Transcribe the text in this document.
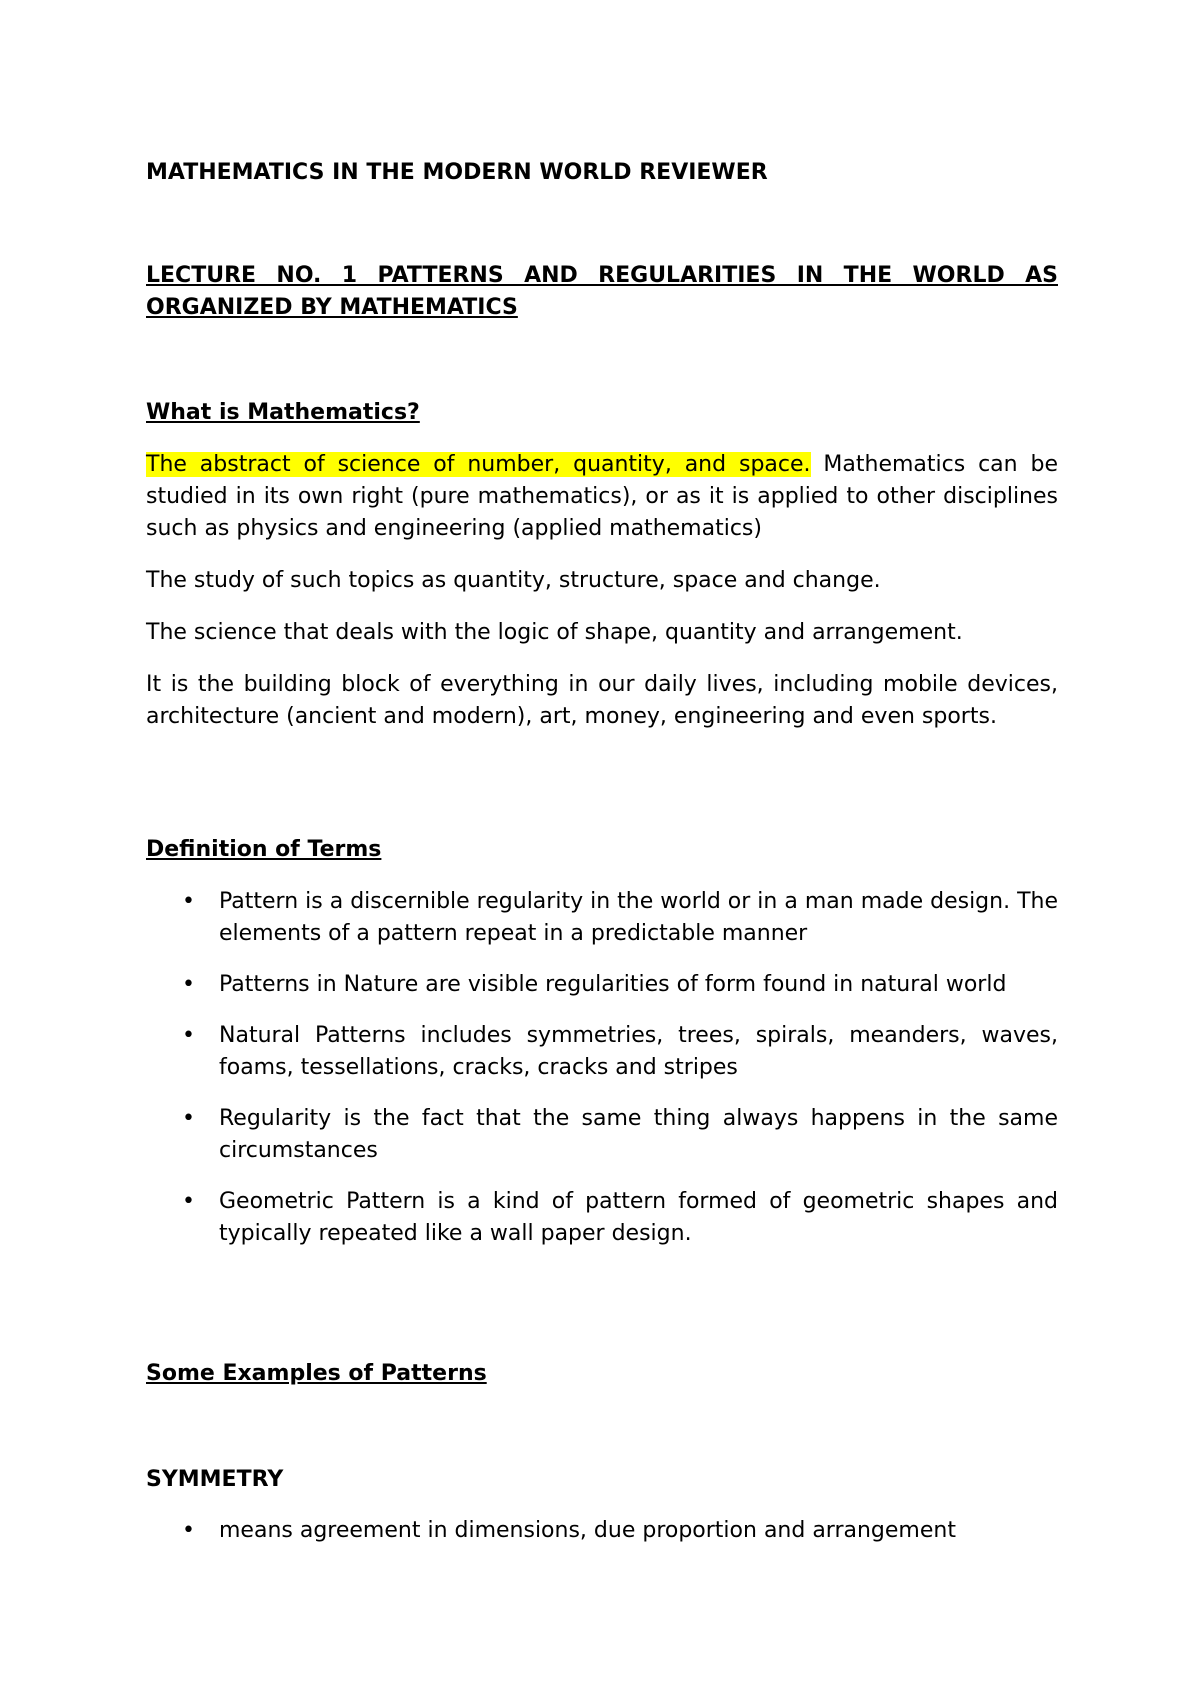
MATHEMATICS IN THE MODERN WORLD REVIEWER
LECTURE NO. 1 PATTERNS AND REGULARITIES IN THE WORLD AS ORGANIZED BY MATHEMATICS
What is Mathematics?
The abstract of science of number, quantity, and space. Mathematics can be studied in its own right (pure mathematics), or as it is applied to other disciplines such as physics and engineering (applied mathematics)
The study of such topics as quantity, structure, space and change.
The science that deals with the logic of shape, quantity and arrangement.
It is the building block of everything in our daily lives, including mobile devices, architecture (ancient and modern), art, money, engineering and even sports.
Definition of Terms
• Pattern is a discernible regularity in the world or in a man made design. The elements of a pattern repeat in a predictable manner
• Patterns in Nature are visible regularities of form found in natural world
• Natural Patterns includes symmetries, trees, spirals, meanders, waves, foams, tessellations, cracks, cracks and stripes
• Regularity is the fact that the same thing always happens in the same circumstances
• Geometric Pattern is a kind of pattern formed of geometric shapes and typically repeated like a wall paper design.
Some Examples of Patterns
SYMMETRY
• means agreement in dimensions, due proportion and arrangement
